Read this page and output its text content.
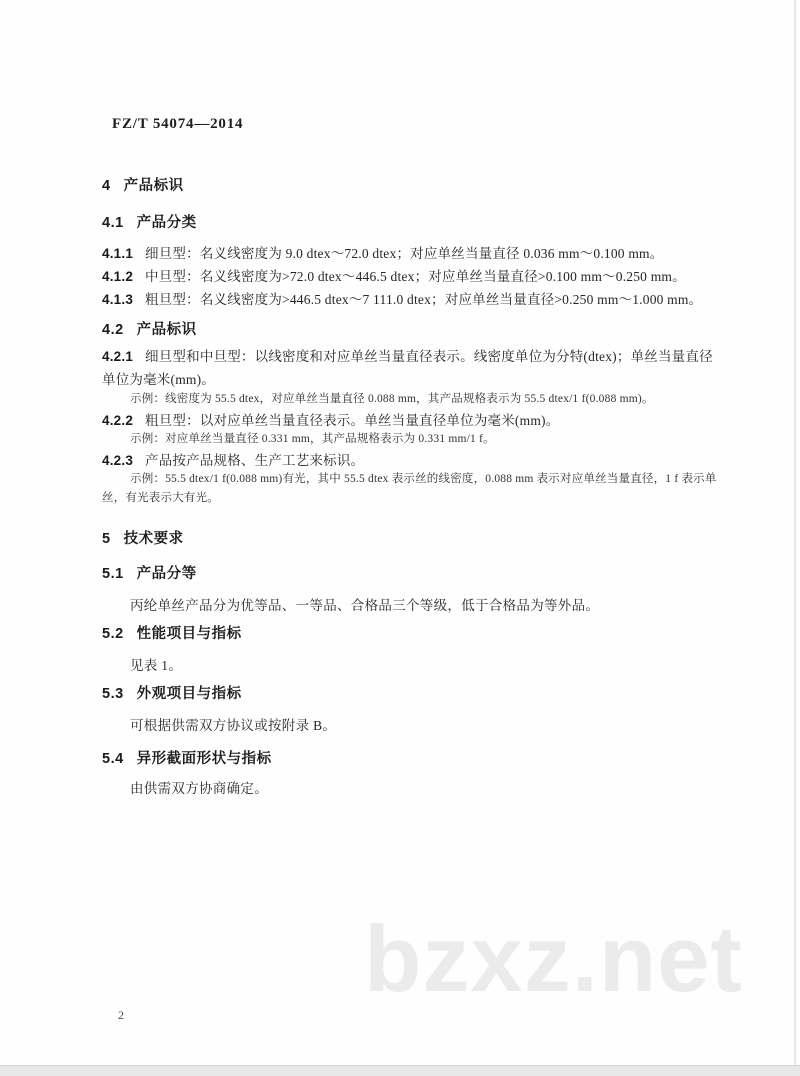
FZ/T 54074—2014
4 产品标识
4.1 产品分类
4.1.1 细旦型：名义线密度为 9.0 dtex～72.0 dtex；对应单丝当量直径 0.036 mm～0.100 mm。
4.1.2 中旦型：名义线密度为>72.0 dtex～446.5 dtex；对应单丝当量直径>0.100 mm～0.250 mm。
4.1.3 粗旦型：名义线密度为>446.5 dtex～7 111.0 dtex；对应单丝当量直径>0.250 mm～1.000 mm。
4.2 产品标识
4.2.1 细旦型和中旦型：以线密度和对应单丝当量直径表示。线密度单位为分特(dtex)；单丝当量直径
单位为毫米(mm)。
示例：线密度为 55.5 dtex，对应单丝当量直径 0.088 mm，其产品规格表示为 55.5 dtex/1 f(0.088 mm)。
4.2.2 粗旦型：以对应单丝当量直径表示。单丝当量直径单位为毫米(mm)。
示例：对应单丝当量直径 0.331 mm，其产品规格表示为 0.331 mm/1 f。
4.2.3 产品按产品规格、生产工艺来标识。
示例：55.5 dtex/1 f(0.088 mm)有光，其中 55.5 dtex 表示丝的线密度，0.088 mm 表示对应单丝当量直径，1 f 表示单
丝，有光表示大有光。
5 技术要求
5.1 产品分等
丙纶单丝产品分为优等品、一等品、合格品三个等级，低于合格品为等外品。
5.2 性能项目与指标
见表 1。
5.3 外观项目与指标
可根据供需双方协议或按附录 B。
5.4 异形截面形状与指标
由供需双方协商确定。
bzxz.net
2
